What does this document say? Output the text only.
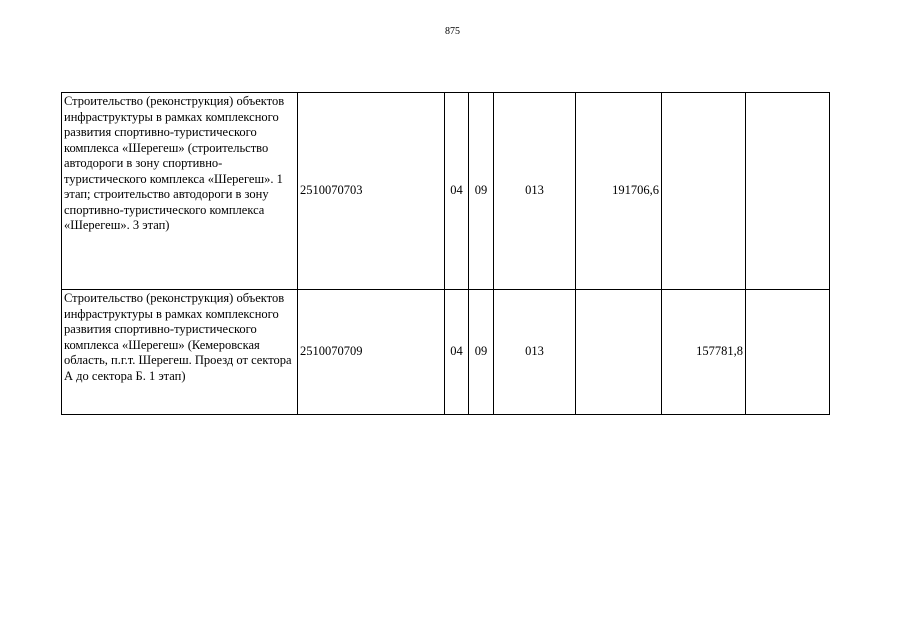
875
Строительство (реконструкция) объектов инфраструктуры в рамках комплексного развития спортивно-туристического комплекса «Шерегеш» (строительство автодороги в зону спортивно-туристического комплекса «Шерегеш». 1 этап; строительство автодороги в зону спортивно-туристического комплекса «Шерегеш». 3 этап)	2510070703	04	09	013	191706,6		
Строительство (реконструкция) объектов инфраструктуры в рамках комплексного развития спортивно-туристического комплекса «Шерегеш» (Кемеровская область, п.г.т. Шерегеш. Проезд от сектора А до сектора Б. 1 этап)	2510070709	04	09	013		157781,8	
